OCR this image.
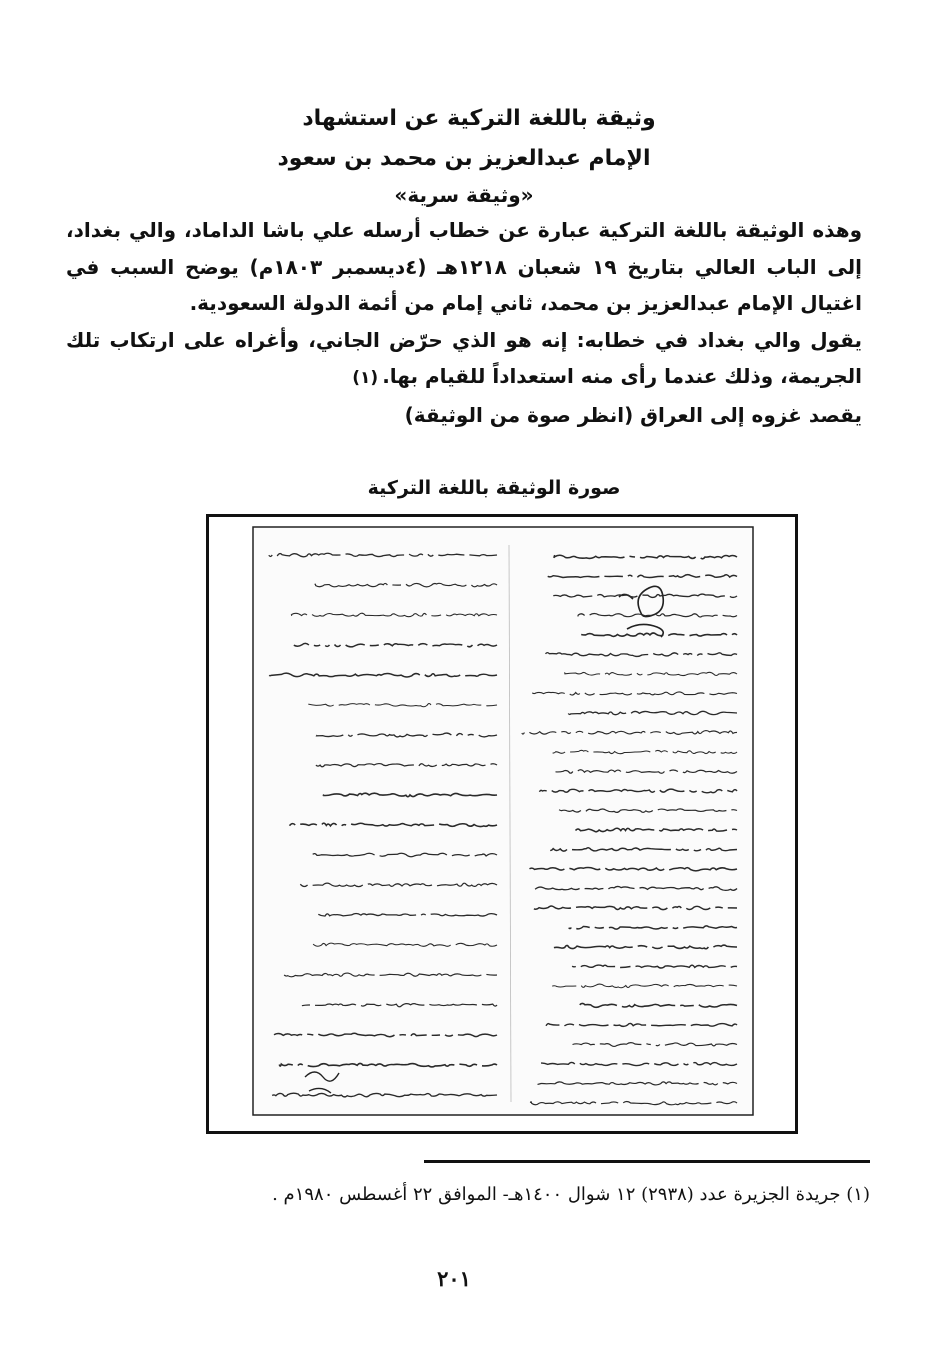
وثيقة باللغة التركية عن استشهاد
الإمام عبدالعزيز بن محمد بن سعود
«وثيقة سرية»

وهذه الوثيقة باللغة التركية عبارة عن خطاب أرسله علي باشا الداماد، والي بغداد، إلى الباب العالي بتاريخ ١٩ شعبان ١٢١٨هـ (٤ديسمبر ١٨٠٣م) يوضح السبب في اغتيال الإمام عبدالعزيز بن محمد، ثاني إمام من أئمة الدولة السعودية.

يقول والي بغداد في خطابه: إنه هو الذي حرّض الجاني، وأغراه على ارتكاب تلك الجريمة، وذلك عندما رأى منه استعداداً للقيام بها.(١)

يقصد غزوه إلى العراق (انظر صوة من الوثيقة)

صورة الوثيقة باللغة التركية
(١) جريدة الجزيرة عدد (٢٩٣٨) ١٢ شوال ١٤٠٠هـ- الموافق ٢٢ أغسطس ١٩٨٠م .
٢٠١
